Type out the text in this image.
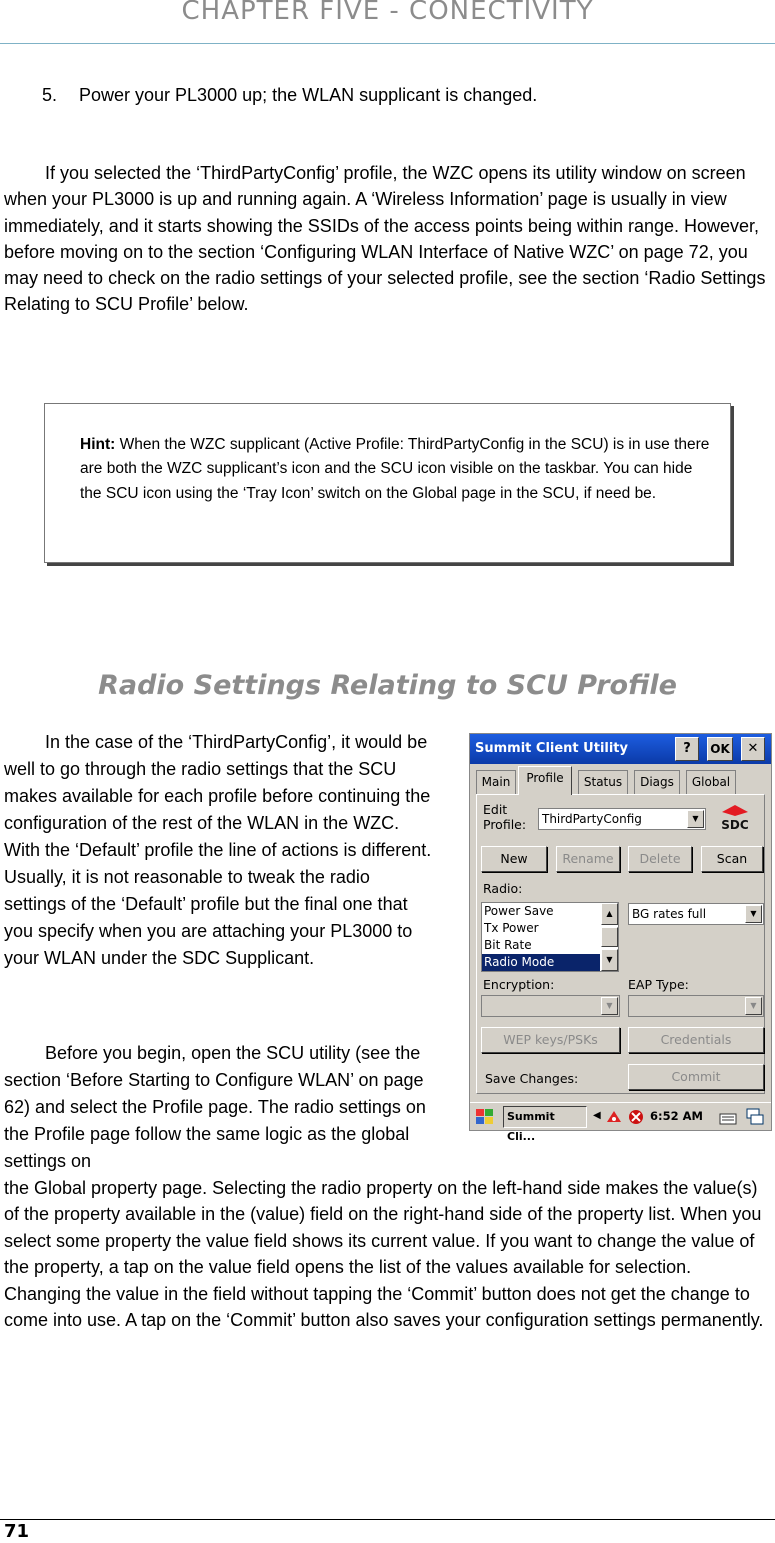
CHAPTER FIVE - CONECTIVITY
5. Power your PL3000 up; the WLAN supplicant is changed.
If you selected the ‘ThirdPartyConfig’ profile, the WZC opens its utility window on screen when your PL3000 is up and running again. A ‘Wireless Information’ page is usually in view immediately, and it starts showing the SSIDs of the access points being within range. However, before moving on to the section ‘Configuring WLAN Interface of Native WZC’ on page 72, you may need to check on the radio settings of your selected profile, see the section ‘Radio Settings Relating to SCU Profile’ below.
Hint: When the WZC supplicant (Active Profile: ThirdPartyConfig in the SCU) is in use there are both the WZC supplicant’s icon and the SCU icon visible on the taskbar. You can hide the SCU icon using the ‘Tray Icon’ switch on the Global page in the SCU, if need be.
Radio Settings Relating to SCU Profile
In the case of the ‘ThirdPartyConfig’, it would be well to go through the radio settings that the SCU makes available for each profile before continuing the configuration of the rest of the WLAN in the WZC. With the ‘Default’ profile the line of actions is different. Usually, it is not reasonable to tweak the radio settings of the ‘Default’ profile but the final one that you specify when you are attaching your PL3000 to your WLAN under the SDC Supplicant.
Before you begin, open the SCU utility (see the section ‘Before Starting to Configure WLAN’ on page 62) and select the Profile page. The radio settings on the Profile page follow the same logic as the global settings on
the Global property page. Selecting the radio property on the left-hand side makes the value(s) of the property available in the (value) field on the right-hand side of the property list. When you select some property the value field shows its current value. If you want to change the value of the property, a tap on the value field opens the list of the values available for selection. Changing the value in the field without tapping the ‘Commit’ button does not get the change to come into use. A tap on the ‘Commit’ button also saves your configuration settings permanently.
Summit Client Utility	?	OK	✕
Main	Profile	Status	Diags	Global
Edit Profile:	ThirdPartyConfig	▼	SDC
New	Rename	Delete	Scan
Radio:
Power Save
Tx Power
Bit Rate
Radio Mode
▲
▼
BG rates full	▼
Encryption:	EAP Type:
▼	▼
WEP keys/PSKs	Credentials
Save Changes:	Commit
Summit Cli...
◀	6:52 AM
71
